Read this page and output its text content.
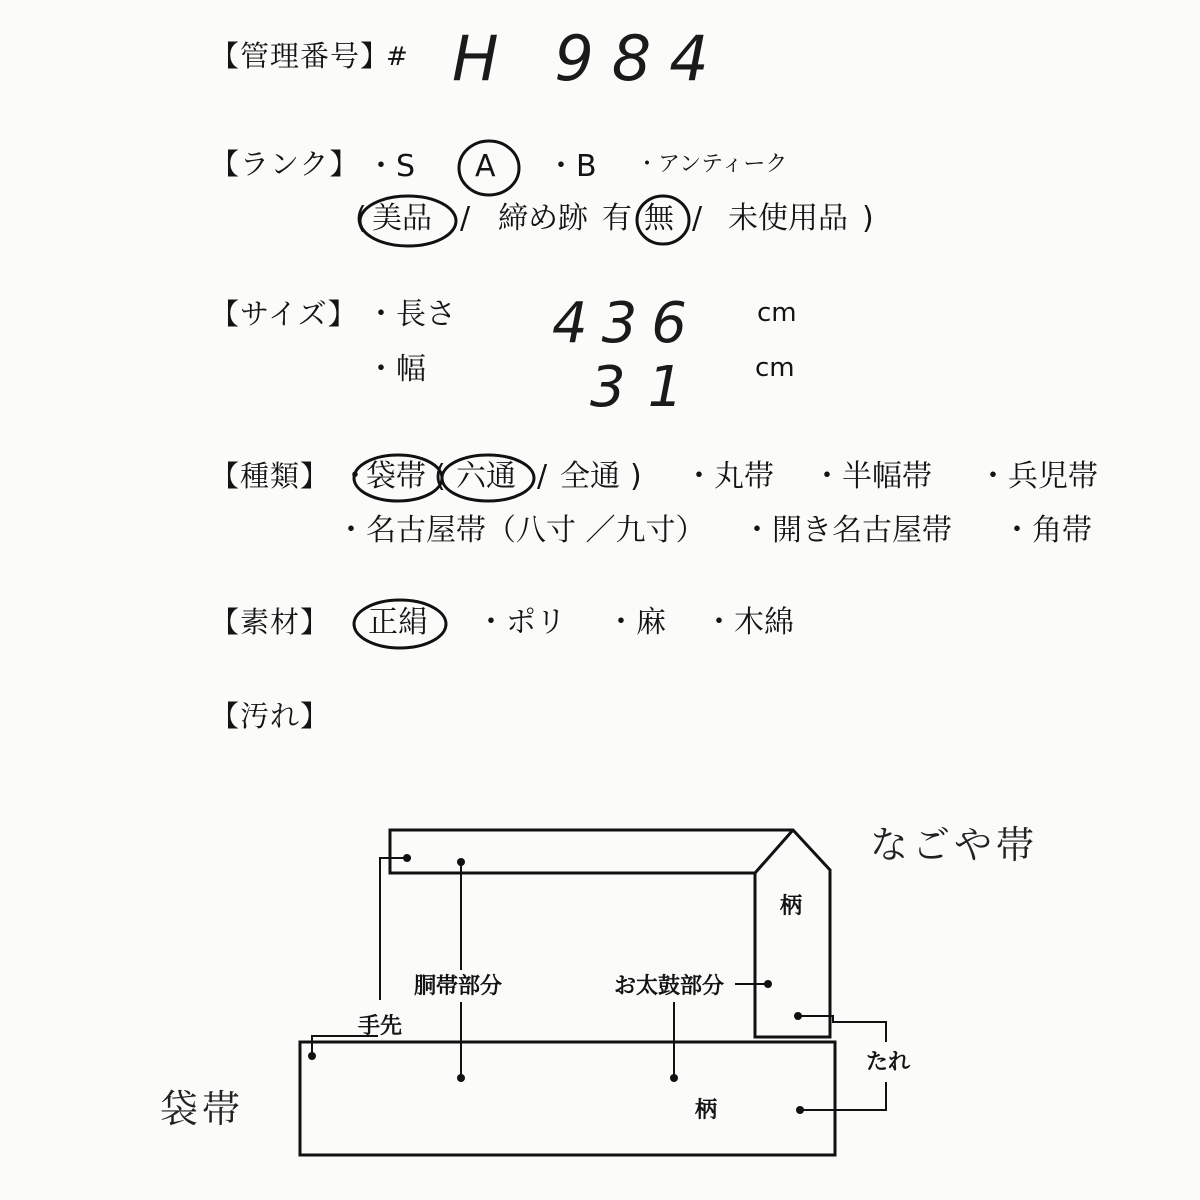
【管理番号】
# H 984
【ランク】 ・S A ・B ・アンティーク
( 美品 / 締め跡 有 無 / 未使用品 )
【サイズ】 ・長さ 436 cm
・幅	31 cm
【種類】 ・
袋帯 ( 六通 / 全通 ) ・丸帯 ・半幅帯 ・兵児帯
・名古屋帯（八寸 ／九寸） ・開き名古屋帯 ・角帯
【素材】 正絹 ・ポリ ・麻 ・木綿
【汚れ】
なごや帯
袋帯
柄
柄
胴帯部分	お太鼓部分
手先
たれ
